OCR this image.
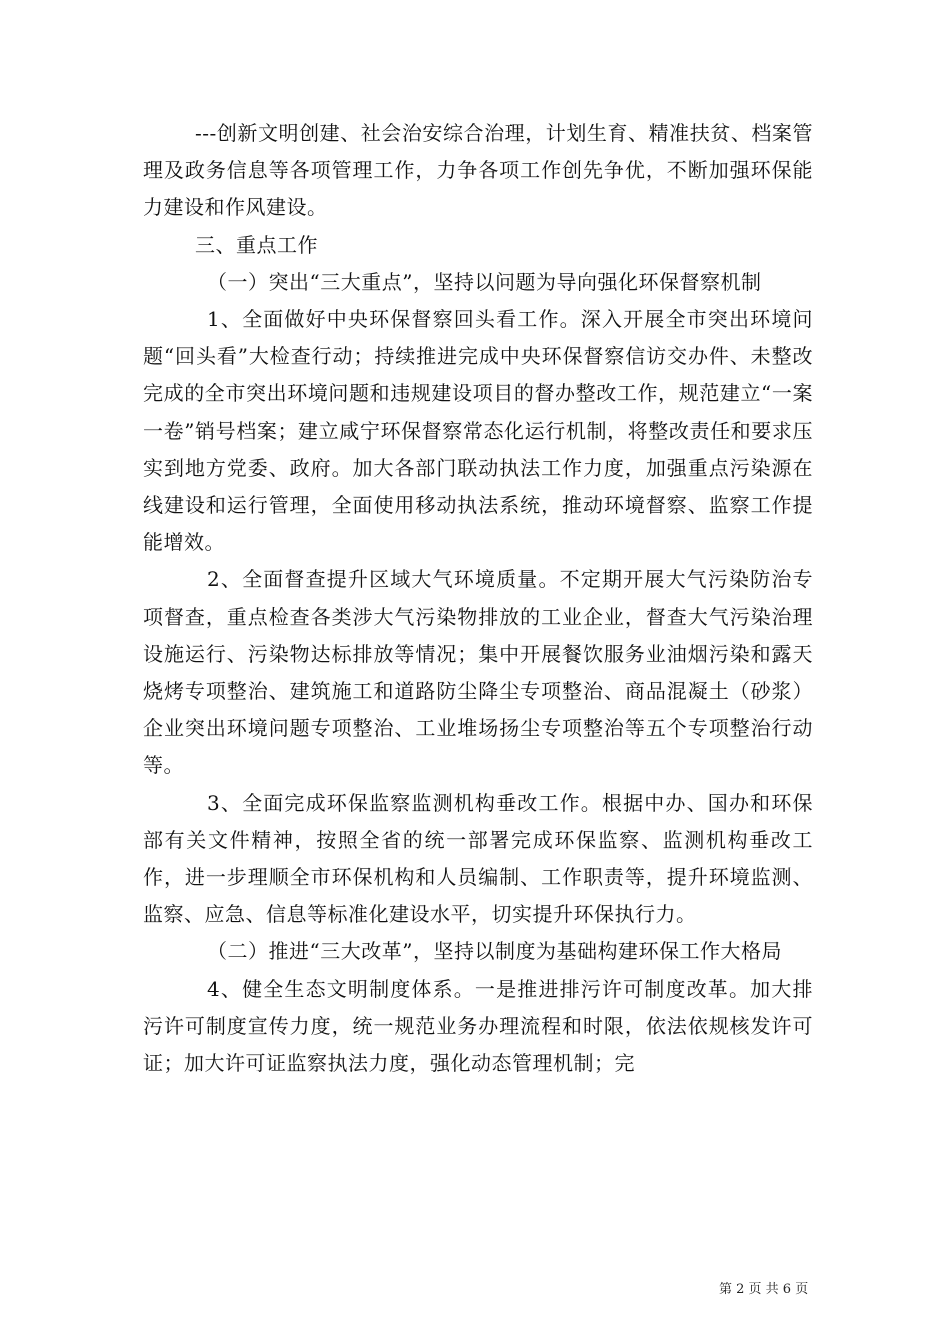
---创新文明创建、社会治安综合治理，计划生育、精准扶贫、档案管理及政务信息等各项管理工作，力争各项工作创先争优，不断加强环保能力建设和作风建设。

三、重点工作

（一）突出“三大重点”，坚持以问题为导向强化环保督察机制

1、全面做好中央环保督察回头看工作。深入开展全市突出环境问题“回头看”大检查行动；持续推进完成中央环保督察信访交办件、未整改完成的全市突出环境问题和违规建设项目的督办整改工作，规范建立“一案一卷”销号档案；建立咸宁环保督察常态化运行机制，将整改责任和要求压实到地方党委、政府。加大各部门联动执法工作力度，加强重点污染源在线建设和运行管理，全面使用移动执法系统，推动环境督察、监察工作提能增效。

2、全面督查提升区域大气环境质量。不定期开展大气污染防治专项督查，重点检查各类涉大气污染物排放的工业企业，督查大气污染治理设施运行、污染物达标排放等情况；集中开展餐饮服务业油烟污染和露天烧烤专项整治、建筑施工和道路防尘降尘专项整治、商品混凝土（砂浆）企业突出环境问题专项整治、工业堆场扬尘专项整治等五个专项整治行动等。

3、全面完成环保监察监测机构垂改工作。根据中办、国办和环保部有关文件精神，按照全省的统一部署完成环保监察、监测机构垂改工作，进一步理顺全市环保机构和人员编制、工作职责等，提升环境监测、监察、应急、信息等标准化建设水平，切实提升环保执行力。

（二）推进“三大改革”，坚持以制度为基础构建环保工作大格局

4、健全生态文明制度体系。一是推进排污许可制度改革。加大排污许可制度宣传力度，统一规范业务办理流程和时限，依法依规核发许可证；加大许可证监察执法力度，强化动态管理机制；完

第 2 页 共 6 页
